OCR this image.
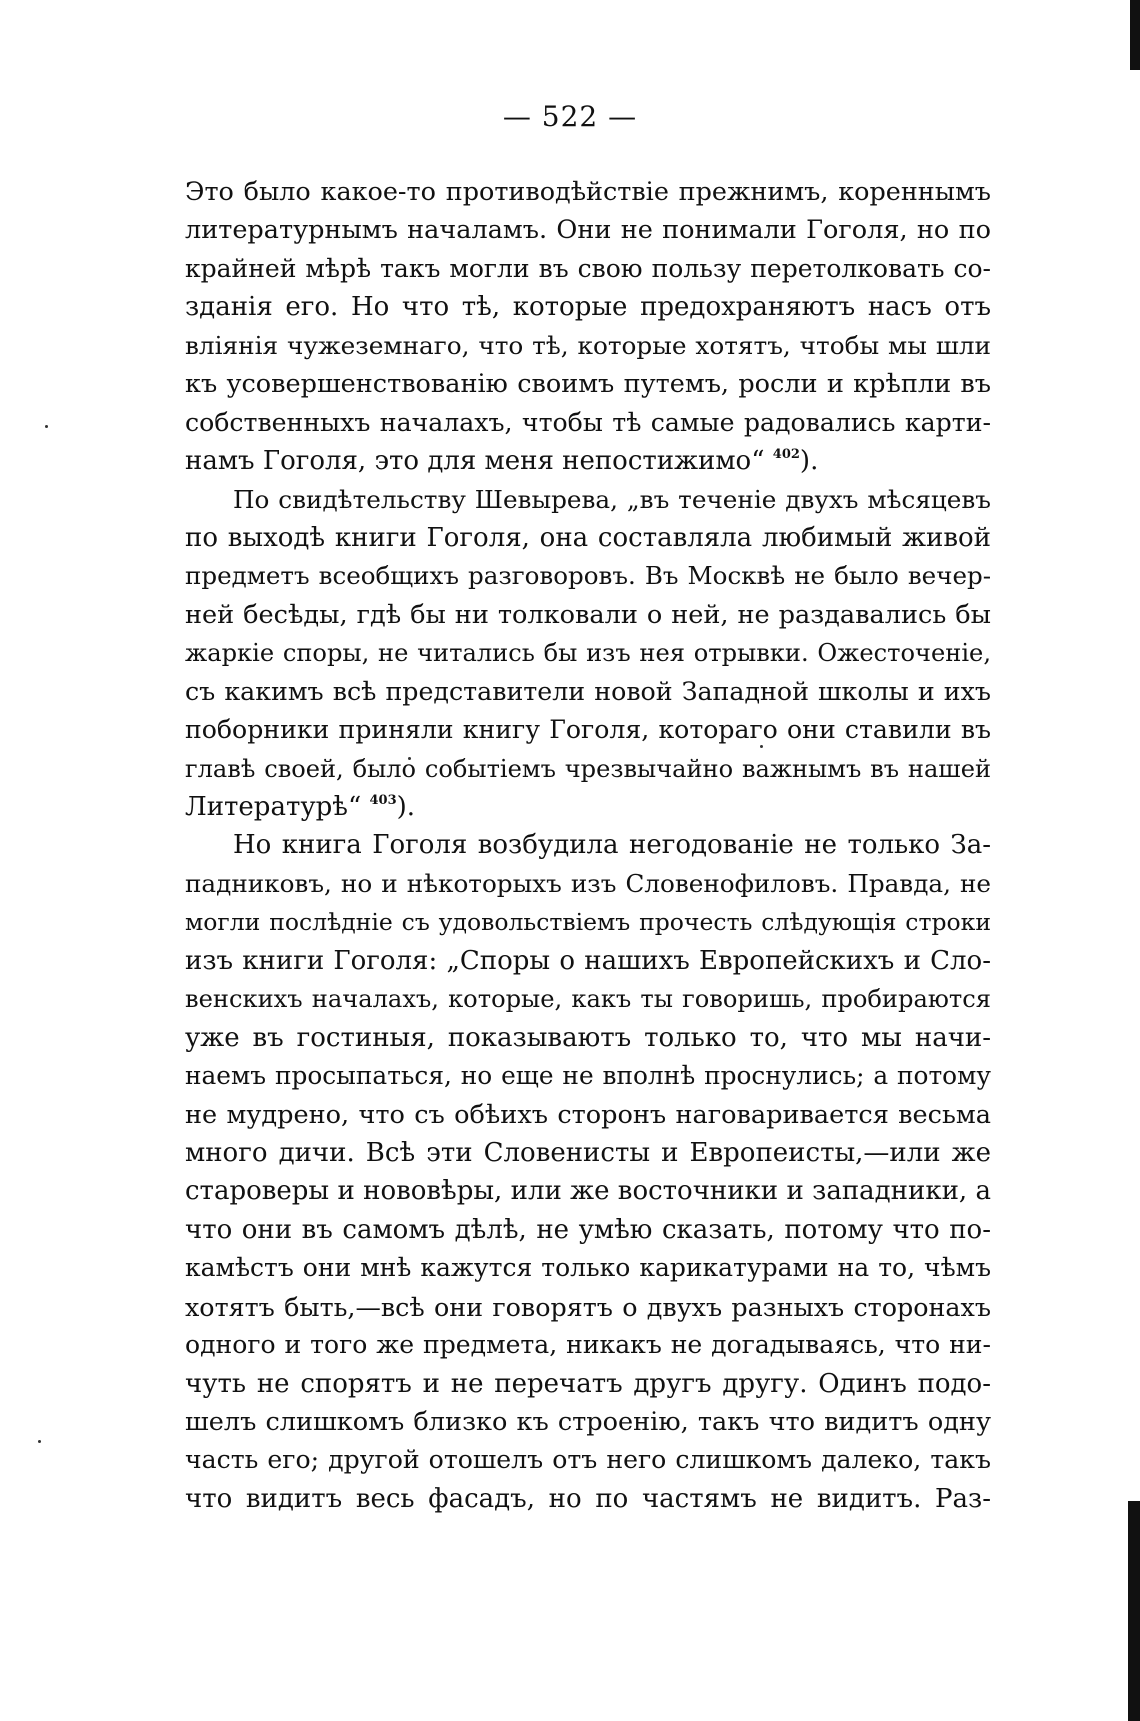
— 522 —
Это было какое-то противодѣйствіе прежнимъ, кореннымъ
литературнымъ началамъ. Они не понимали Гоголя, но по
крайней мѣрѣ такъ могли въ свою пользу перетолковать со-
зданія его. Но что тѣ, которые предохраняютъ насъ отъ
вліянія чужеземнаго, что тѣ, которые хотятъ, чтобы мы шли
къ усовершенствованію своимъ путемъ, росли и крѣпли въ
собственныхъ началахъ, чтобы тѣ самые радовались карти-
намъ Гоголя, это для меня непостижимо“ $^{402}$).
По свидѣтельству Шевырева, „въ теченіе двухъ мѣсяцевъ
по выходѣ книги Гоголя, она составляла любимый живой
предметъ всеобщихъ разговоровъ. Въ Москвѣ не было вечер-
ней бесѣды, гдѣ бы ни толковали о ней, не раздавались бы
жаркіе споры, не читались бы изъ нея отрывки. Ожесточеніе,
съ какимъ всѣ представители новой Западной школы и ихъ
поборники приняли книгу Гоголя, котораго они ставили въ
главѣ своей, было событіемъ чрезвычайно важнымъ въ нашей
Литературѣ“ $^{403}$).
Но книга Гоголя возбудила негодованіе не только За-
падниковъ, но и нѣкоторыхъ изъ Словенофиловъ. Правда, не
могли послѣдніе съ удовольствіемъ прочесть слѣдующія строки
изъ книги Гоголя: „Споры о нашихъ Европейскихъ и Сло-
венскихъ началахъ, которые, какъ ты говоришь, пробираются
уже въ гостиныя, показываютъ только то, что мы начи-
наемъ просыпаться, но еще не вполнѣ проснулись; а потому
не мудрено, что съ обѣихъ сторонъ наговаривается весьма
много дичи. Всѣ эти Словенисты и Европеисты,—или же
староверы и нововѣры, или же восточники и западники, а
что они въ самомъ дѣлѣ, не умѣю сказать, потому что по-
камѣстъ они мнѣ кажутся только карикатурами на то, чѣмъ
хотятъ быть,—всѣ они говорятъ о двухъ разныхъ сторонахъ
одного и того же предмета, никакъ не догадываясь, что ни-
чуть не спорятъ и не перечатъ другъ другу. Одинъ подо-
шелъ слишкомъ близко къ строенію, такъ что видитъ одну
часть его; другой отошелъ отъ него слишкомъ далеко, такъ
что видитъ весь фасадъ, но по частямъ не видитъ. Раз-
